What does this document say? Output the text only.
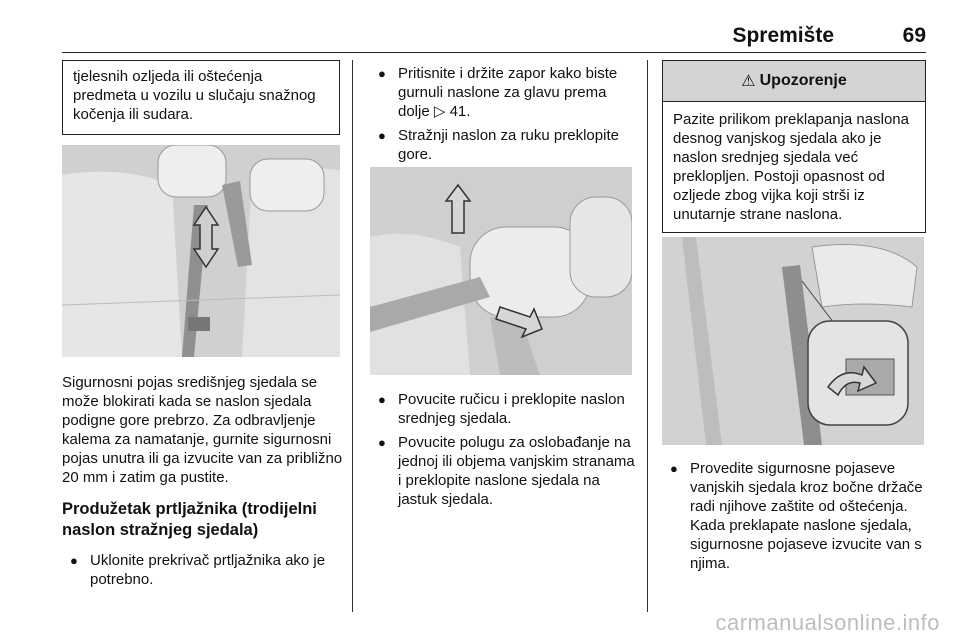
Spremište	69
tjelesnih ozljeda ili oštećenja predmeta u vozilu u slučaju snažnog kočenja ili sudara.

Sigurnosni pojas središnjeg sjedala se može blokirati kada se naslon sjedala podigne gore prebrzo. Za odbravljenje kalema za namatanje, gurnite sigurnosni pojas unutra ili ga izvucite van za približno 20 mm i zatim ga pustite.

Produžetak prtljažnika (trodijelni naslon stražnjeg sjedala)

● Uklonite prekrivač prtljažnika ako je potrebno.
● Pritisnite i držite zapor kako biste gurnuli naslone za glavu prema dolje ▷ 41.
● Stražnji naslon za ruku preklopite gore.
● Povucite ručicu i preklopite naslon srednjeg sjedala.
● Povucite polugu za oslobađanje na jednoj ili objema vanjskim stranama i preklopite naslone sjedala na jastuk sjedala.
⚠ Upozorenje
Pazite prilikom preklapanja naslona desnog vanjskog sjedala ako je naslon srednjeg sjedala već preklopljen. Postoji opasnost od ozljede zbog vijka koji strši iz unutarnje strane naslona.
● Provedite sigurnosne pojaseve vanjskih sjedala kroz bočne držače radi njihove zaštite od oštećenja. Kada preklapate naslone sjedala, sigurnosne pojaseve izvucite van s njima.
carmanualsonline.info
